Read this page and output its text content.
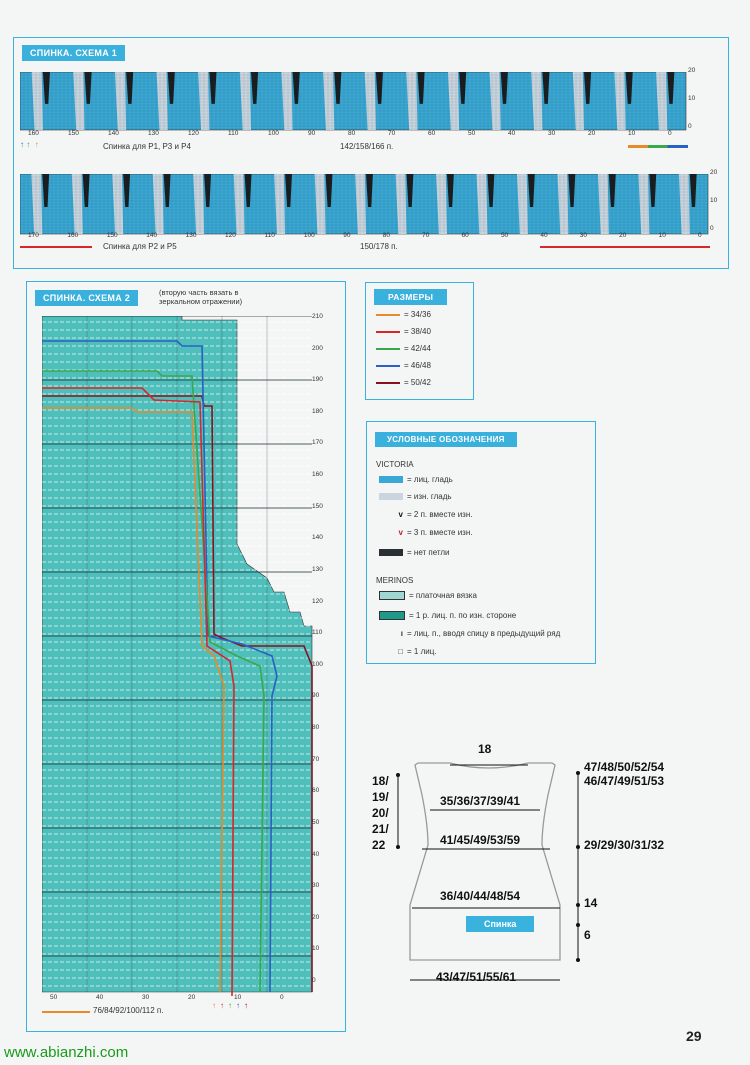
СПИНКА. СХЕМА 1
20
10
0
160	150	140	130	120	110	100	90	80	70	60	50	40	30	20	10	0
↑ ↑ ↑	Спинка для Р1, Р3 и Р4	142/158/166 п.
20
10
0
170	160	150	140	130	120	110	100	90	80	70	60	50	40	30	20	10	0
Спинка для Р2 и Р5	150/178 п.
СПИНКА. СХЕМА 2
(вторую часть вязать в зеркальном отражении)
210
200
190
180
170
160
150
140
130
120
110
100
90
80
70
60
50
40
30
20
10
0
50	40	30	20	10	0
76/84/92/100/112 п.
↑↑↑↑↑
РАЗМЕРЫ
= 34/36
= 38/40
= 42/44
= 46/48
= 50/42
УСЛОВНЫЕ ОБОЗНАЧЕНИЯ
VICTORIA
MERINOS
= лиц. гладь
= изн. гладь
v = 2 п. вместе изн.
v = 3 п. вместе изн.
= нет петли
= платочная вязка
= 1 р. лиц. п. по изн. стороне
ı = лиц. п., вводя спицу в предыдущий ряд
□ = 1 лиц.
18
47/48/50/52/54
46/47/49/51/53
18/
19/
20/
21/
22
35/36/37/39/41
41/45/49/53/59	29/29/30/31/32
36/40/44/48/54
Спинка
14
6
43/47/51/55/61
www.abianzhi.com
29
